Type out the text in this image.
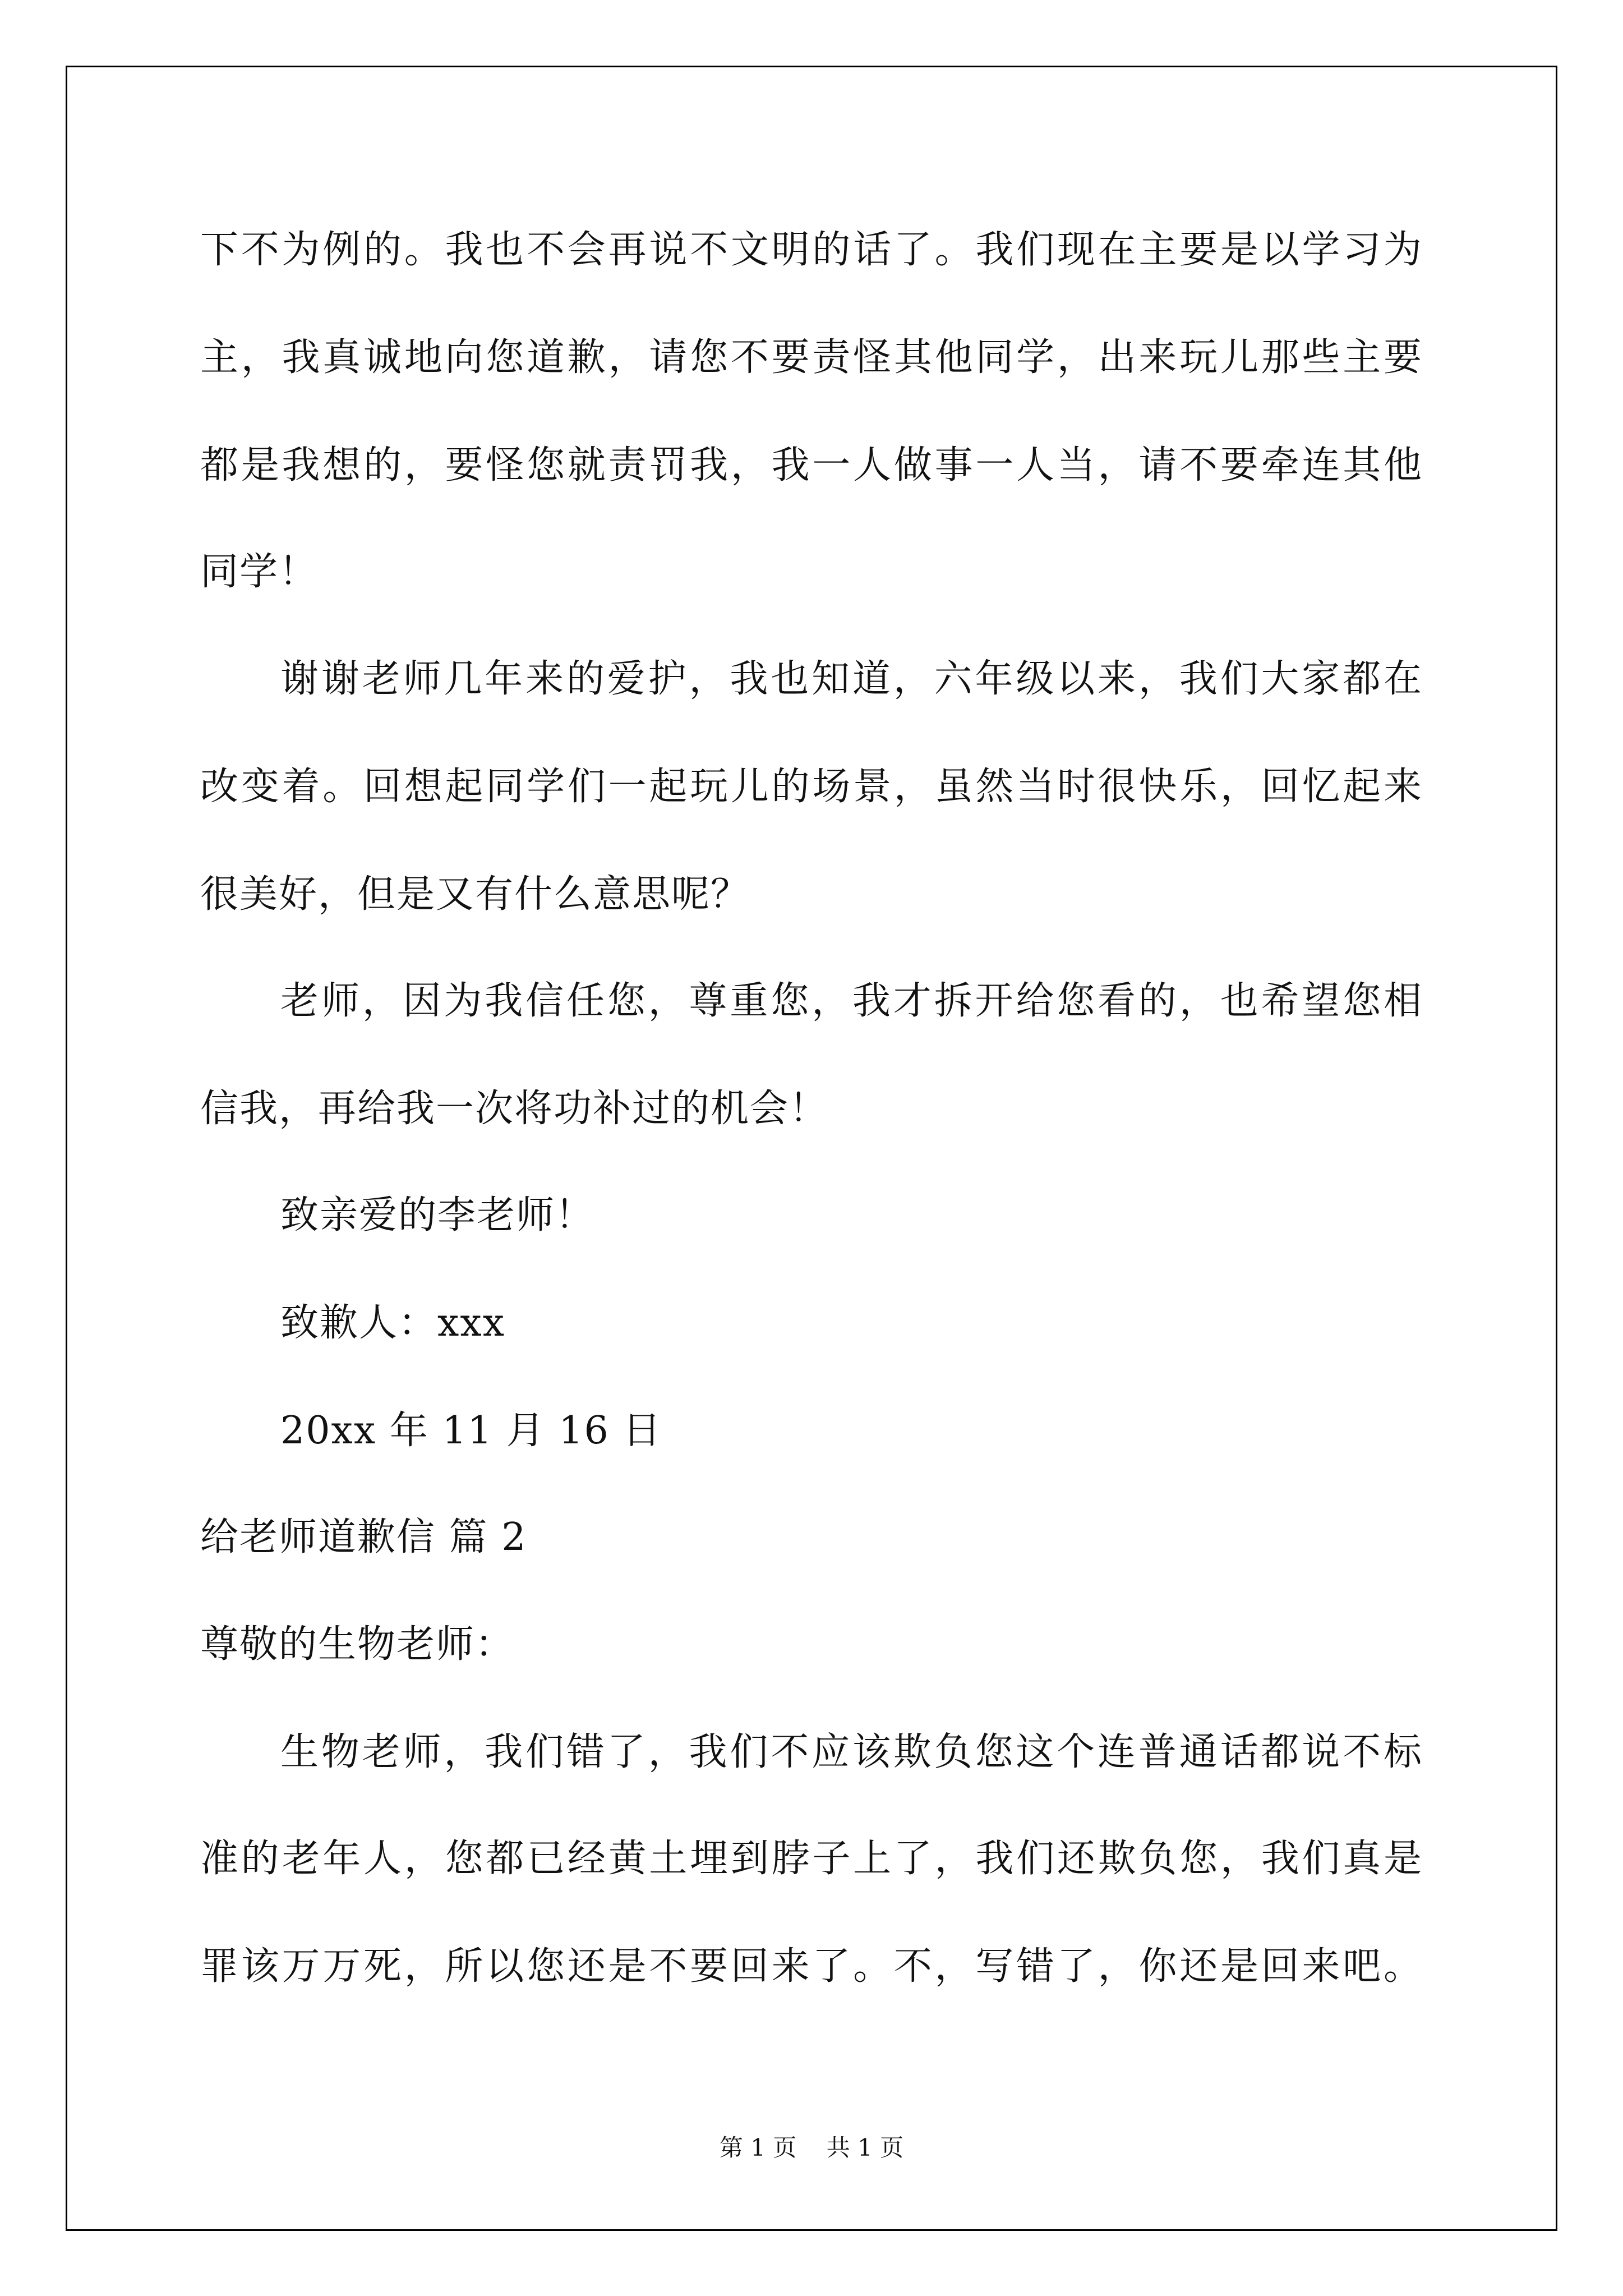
下不为例的。我也不会再说不文明的话了。我们现在主要是以学习为
主，我真诚地向您道歉，请您不要责怪其他同学，出来玩儿那些主要
都是我想的，要怪您就责罚我，我一人做事一人当，请不要牵连其他
同学！
谢谢老师几年来的爱护，我也知道，六年级以来，我们大家都在
改变着。回想起同学们一起玩儿的场景，虽然当时很快乐，回忆起来
很美好，但是又有什么意思呢？
老师，因为我信任您，尊重您，我才拆开给您看的，也希望您相
信我，再给我一次将功补过的机会！
致亲爱的李老师！
致歉人：xxx
20xx 年 11 月 16 日
给老师道歉信 篇 2
尊敬的生物老师：
生物老师，我们错了，我们不应该欺负您这个连普通话都说不标
准的老年人，您都已经黄土埋到脖子上了，我们还欺负您，我们真是
罪该万万死，所以您还是不要回来了。不，写错了，你还是回来吧。
第 1 页    共 1 页
